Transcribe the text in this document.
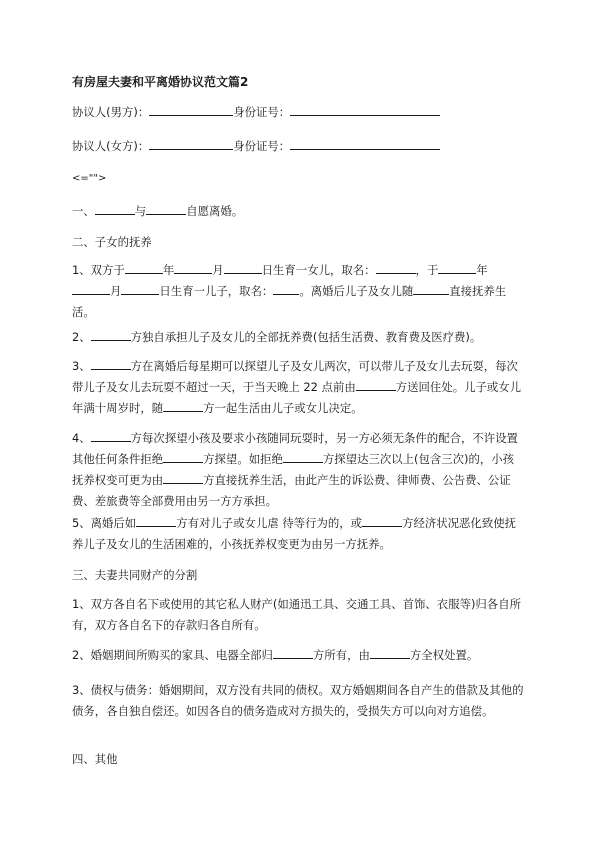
有房屋夫妻和平离婚协议范文篇2
协议人(男方)：	身份证号：
协议人(女方)：	身份证号：
<="">
一、	与	自愿离婚。
二、子女的抚养
1、双方于	年	月	日生育一女儿，取名：	，于	年月	日生育一儿子，取名： 。离婚后儿子及女儿随	直接抚养生活。
2、	方独自承担儿子及女儿的全部抚养费(包括生活费、教育费及医疗费)。
3、	方在离婚后每星期可以探望儿子及女儿两次，可以带儿子及女儿去玩耍，每次带儿子及女儿去玩耍不超过一天，于当天晚上 22 点前由	方送回住处。儿子或女儿年满十周岁时，随	方一起生活由儿子或女儿决定。
4、	方每次探望小孩及要求小孩随同玩耍时，另一方必须无条件的配合，不许设置其他任何条件拒绝	方探望。如拒绝	方探望达三次以上(包含三次)的，小孩抚养权变可更为由	方直接抚养生活，由此产生的诉讼费、律师费、公告费、公证费、差旅费等全部费用由另一方方承担。
5、离婚后如	方有对儿子或女儿虐 待等行为的，或	方经济状况恶化致使抚养儿子及女儿的生活困难的，小孩抚养权变更为由另一方抚养。
三、夫妻共同财产的分割
1、双方各自名下或使用的其它私人财产(如通迅工具、交通工具、首饰、衣服等)归各自所有，双方各自名下的存款归各自所有。
2、婚姻期间所购买的家具、电器全部归	方所有，由	方全权处置。
3、债权与债务：婚姻期间，双方没有共同的债权。双方婚姻期间各自产生的借款及其他的债务，各自独自偿还。如因各自的债务造成对方损失的，受损失方可以向对方追偿。
四、其他
